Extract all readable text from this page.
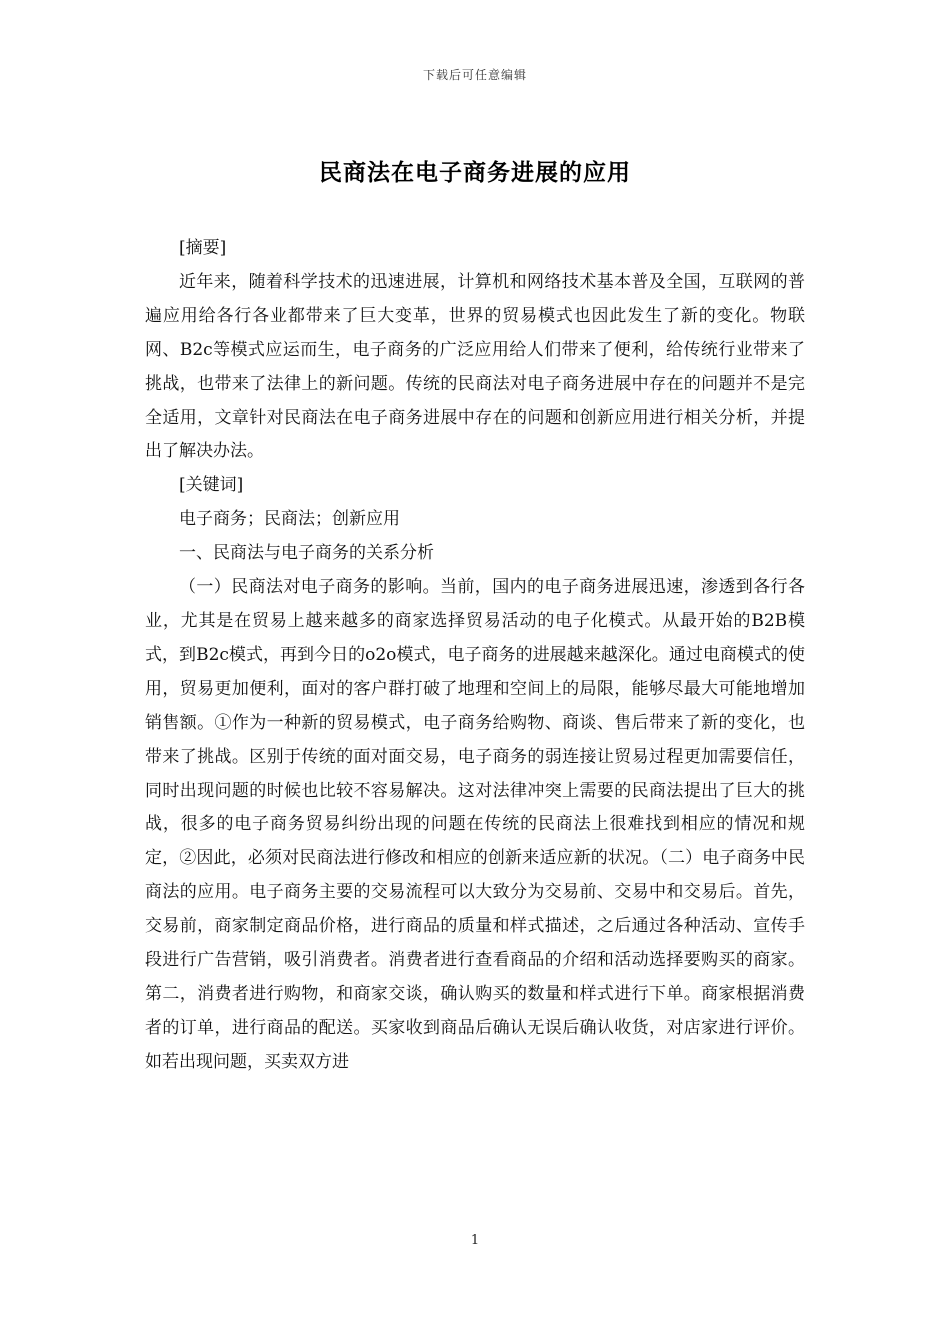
下载后可任意编辑
民商法在电子商务进展的应用

[摘要]

近年来，随着科学技术的迅速进展，计算机和网络技术基本普及全国，互联网的普遍应用给各行各业都带来了巨大变革，世界的贸易模式也因此发生了新的变化。物联网、B2c等模式应运而生，电子商务的广泛应用给人们带来了便利，给传统行业带来了挑战，也带来了法律上的新问题。传统的民商法对电子商务进展中存在的问题并不是完全适用，文章针对民商法在电子商务进展中存在的问题和创新应用进行相关分析，并提出了解决办法。

[关键词]

电子商务；民商法；创新应用

一、民商法与电子商务的关系分析

（一）民商法对电子商务的影响。当前，国内的电子商务进展迅速，渗透到各行各业，尤其是在贸易上越来越多的商家选择贸易活动的电子化模式。从最开始的B2B模式，到B2c模式，再到今日的o2o模式，电子商务的进展越来越深化。通过电商模式的使用，贸易更加便利，面对的客户群打破了地理和空间上的局限，能够尽最大可能地增加销售额。①作为一种新的贸易模式，电子商务给购物、商谈、售后带来了新的变化，也带来了挑战。区别于传统的面对面交易，电子商务的弱连接让贸易过程更加需要信任，同时出现问题的时候也比较不容易解决。这对法律冲突上需要的民商法提出了巨大的挑战，很多的电子商务贸易纠纷出现的问题在传统的民商法上很难找到相应的情况和规定，②因此，必须对民商法进行修改和相应的创新来适应新的状况。（二）电子商务中民商法的应用。电子商务主要的交易流程可以大致分为交易前、交易中和交易后。首先，交易前，商家制定商品价格，进行商品的质量和样式描述，之后通过各种活动、宣传手段进行广告营销，吸引消费者。消费者进行查看商品的介绍和活动选择要购买的商家。第二，消费者进行购物，和商家交谈，确认购买的数量和样式进行下单。商家根据消费者的订单，进行商品的配送。买家收到商品后确认无误后确认收货，对店家进行评价。如若出现问题，买卖双方进

1
